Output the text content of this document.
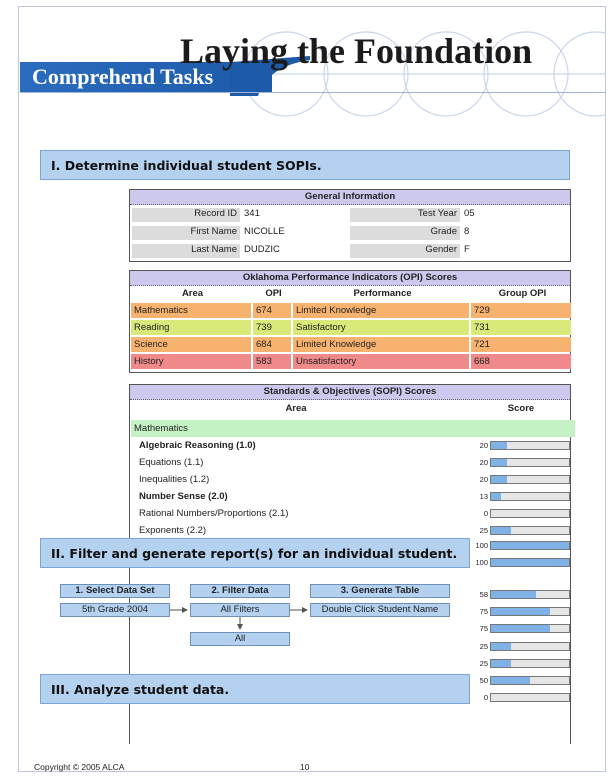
Laying the Foundation
Comprehend Tasks
I. Determine individual student SOPIs.
General Information
Record ID 341	Test Year 05
First Name NICOLLE	Grade 8
Last Name DUDZIC	Gender F
Oklahoma Performance Indicators (OPI) Scores
Area	OPI	Performance	Group OPI
Mathematics	674	Limited Knowledge	729
Reading	739	Satisfactory	731
Science	684	Limited Knowledge	721
History	583	Unsatisfactory	668
Standards & Objectives (SOPI) Scores
Area	Score
Mathematics
Algebraic Reasoning (1.0)	20
Equations (1.1)	20
Inequalities (1.2)	20
Number Sense (2.0)	13
Rational Numbers/Proportions (2.1)	0
Exponents (2.2)	25
100
100
58
75
75
25
25
50
0
II. Filter and generate report(s) for an individual student.
1. Select Data Set	2. Filter Data	3. Generate Table
5th Grade 2004	All Filters	Double Click Student Name
All
III. Analyze student data.
Copyright © 2005 ALCA	10
